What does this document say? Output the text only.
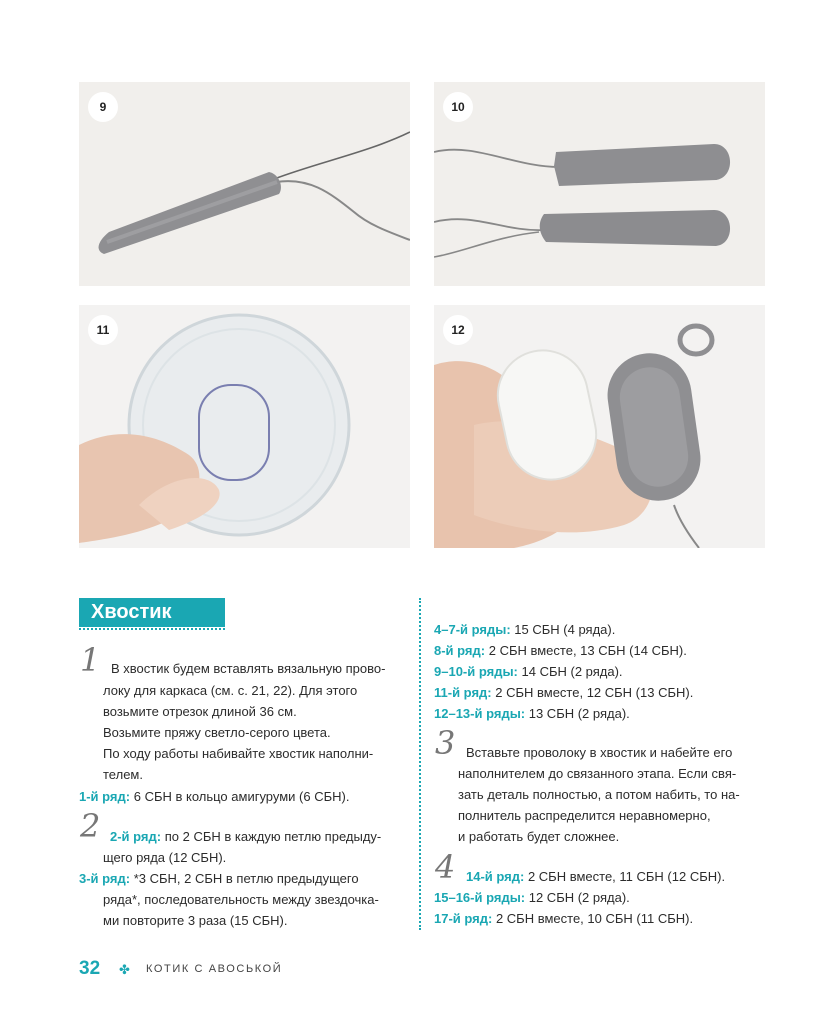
9	10
11	12
Хвостик
1 В хвостик будем вставлять вязальную прово-
локу для каркаса (см. с. 21, 22). Для этого
возьмите отрезок длиной 36 см.
Возьмите пряжу светло-серого цвета.
По ходу работы набивайте хвостик наполни-
телем.
1-й ряд: 6 СБН в кольцо амигуруми (6 СБН).
2 2-й ряд: по 2 СБН в каждую петлю предыду-
щего ряда (12 СБН).
3-й ряд: *3 СБН, 2 СБН в петлю предыдущего
ряда*, последовательность между звездочка-
ми повторите 3 раза (15 СБН).
4–7-й ряды: 15 СБН (4 ряда).
8-й ряд: 2 СБН вместе, 13 СБН (14 СБН).
9–10-й ряды: 14 СБН (2 ряда).
11-й ряд: 2 СБН вместе, 12 СБН (13 СБН).
12–13-й ряды: 13 СБН (2 ряда).
3 Вставьте проволоку в хвостик и набейте его
наполнителем до связанного этапа. Если свя-
зать деталь полностью, а потом набить, то на-
полнитель распределится неравномерно,
и работать будет сложнее.
4 14-й ряд: 2 СБН вместе, 11 СБН (12 СБН).
15–16-й ряды: 12 СБН (2 ряда).
17-й ряд: 2 СБН вместе, 10 СБН (11 СБН).
32 ✤ КОТИК С АВОСЬКОЙ
